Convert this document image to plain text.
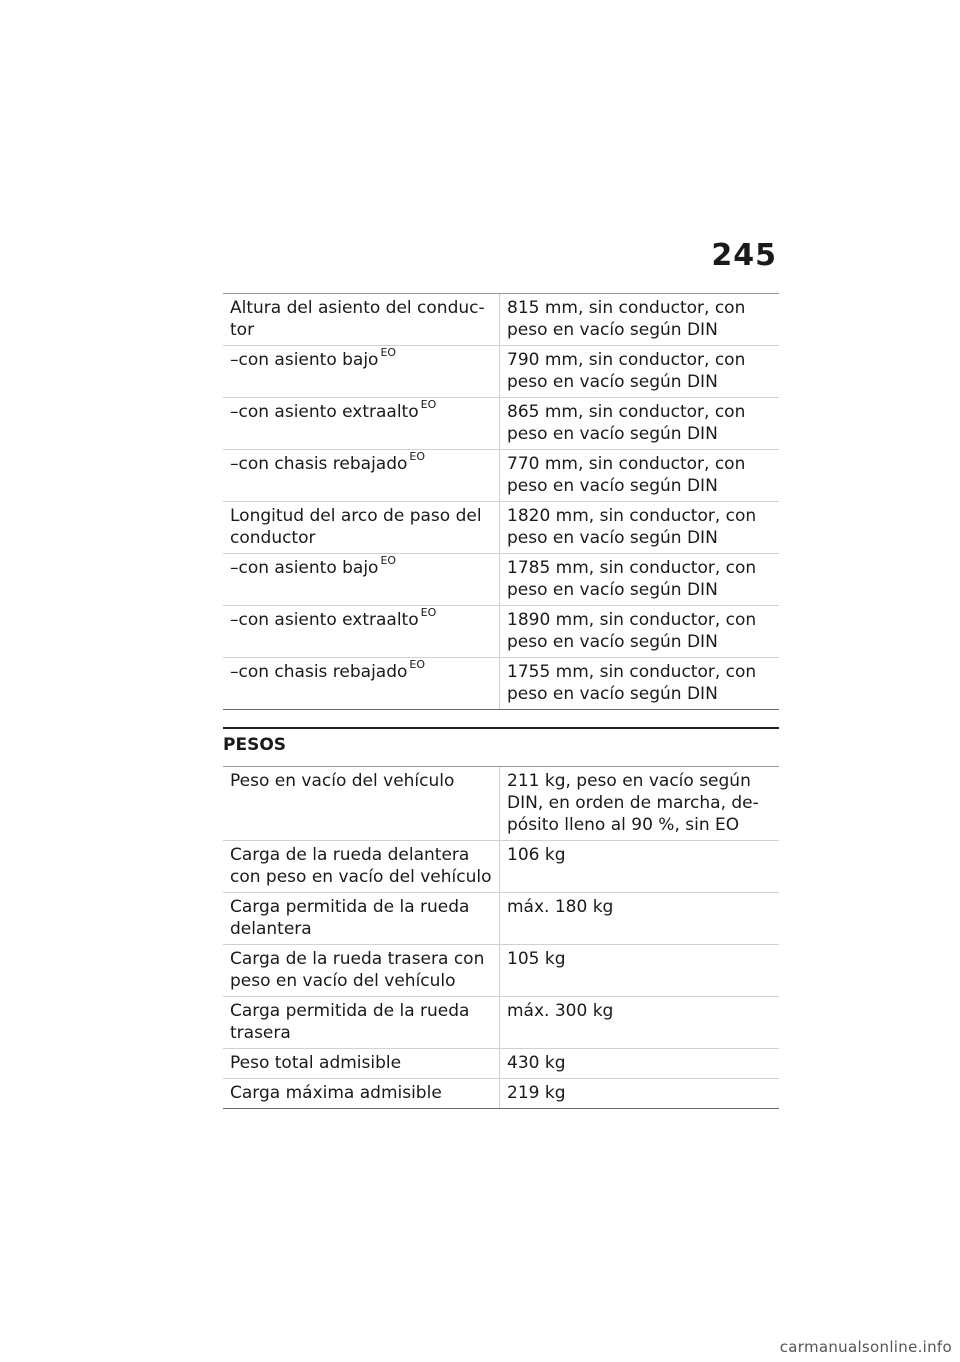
245
Altura del asiento del conduc-tor	815 mm, sin conductor, con peso en vacío según DIN
–con asiento bajo $^{EO}$	790 mm, sin conductor, con peso en vacío según DIN
–con asiento extraalto $^{EO}$	865 mm, sin conductor, con peso en vacío según DIN
–con chasis rebajado $^{EO}$	770 mm, sin conductor, con peso en vacío según DIN
Longitud del arco de paso del conductor	1820 mm, sin conductor, con peso en vacío según DIN
–con asiento bajo $^{EO}$	1785 mm, sin conductor, con peso en vacío según DIN
–con asiento extraalto $^{EO}$	1890 mm, sin conductor, con peso en vacío según DIN
–con chasis rebajado $^{EO}$	1755 mm, sin conductor, con peso en vacío según DIN
PESOS
Peso en vacío del vehículo	211 kg, peso en vacío según DIN, en orden de marcha, de-pósito lleno al 90 %, sin EO
Carga de la rueda delantera con peso en vacío del vehículo	106 kg
Carga permitida de la rueda delantera	máx. 180 kg
Carga de la rueda trasera con peso en vacío del vehículo	105 kg
Carga permitida de la rueda trasera	máx. 300 kg
Peso total admisible	430 kg
Carga máxima admisible	219 kg
carmanualsonline.info
